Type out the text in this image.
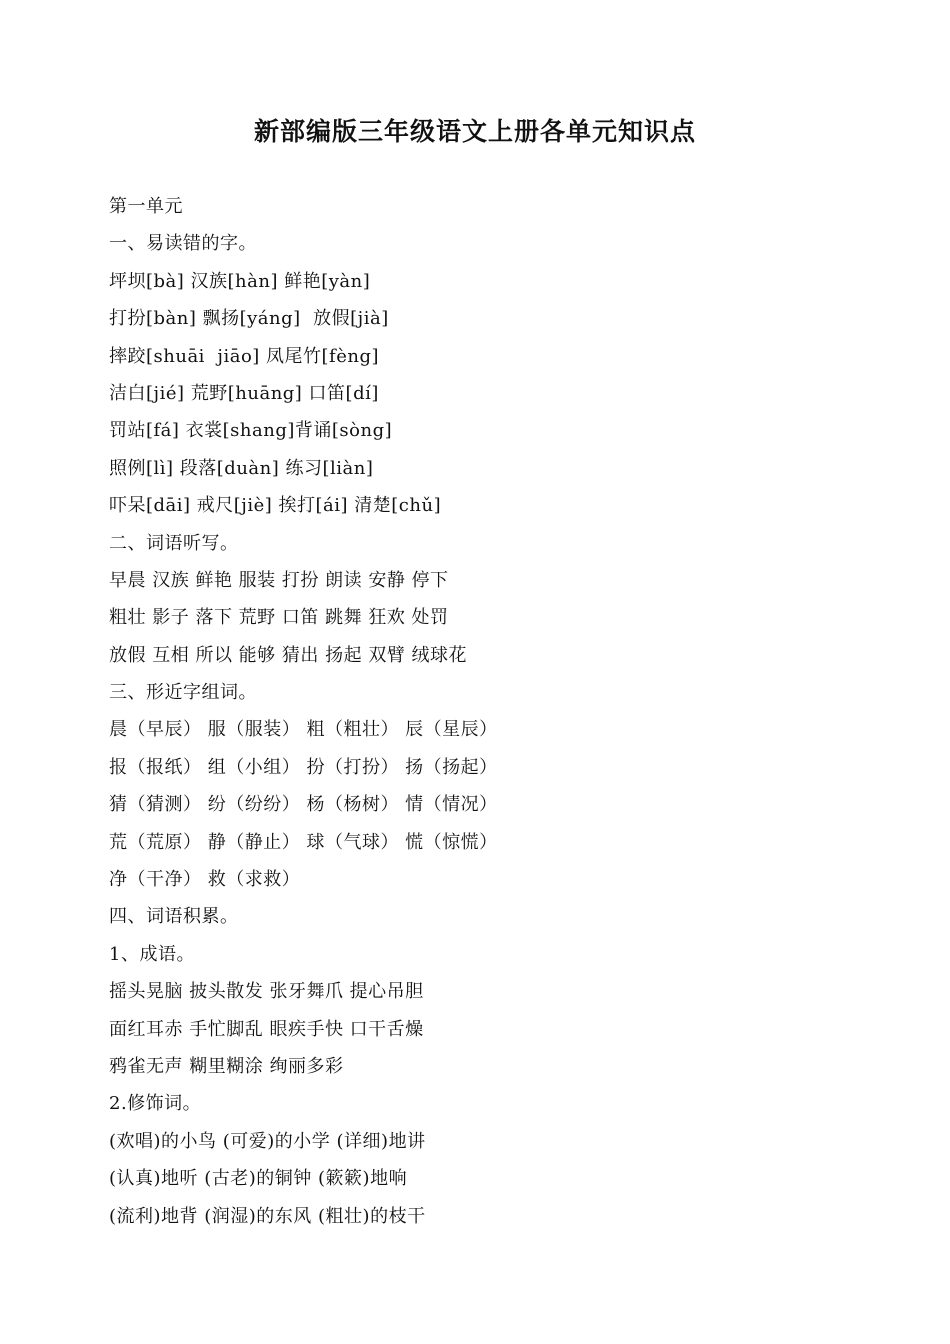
新部编版三年级语文上册各单元知识点
第一单元
一、易读错的字。
坪坝[bà] 汉族[hàn] 鲜艳[yàn]
打扮[bàn] 飘扬[yáng]  放假[jià]
摔跤[shuāi  jiāo] 凤尾竹[fèng]
洁白[jié] 荒野[huāng] 口笛[dí]
罚站[fá] 衣裳[shang]背诵[sòng]
照例[lì] 段落[duàn] 练习[liàn]
吓呆[dāi] 戒尺[jiè] 挨打[ái] 清楚[chǔ]
二、词语听写。
早晨 汉族 鲜艳 服装 打扮 朗读 安静 停下
粗壮 影子 落下 荒野 口笛 跳舞 狂欢 处罚
放假 互相 所以 能够 猜出 扬起 双臂 绒球花
三、形近字组词。
晨（早辰） 服（服装） 粗（粗壮） 辰（星辰）
报（报纸） 组（小组） 扮（打扮） 扬（扬起）
猜（猜测） 纷（纷纷） 杨（杨树） 情（情况）
荒（荒原） 静（静止） 球（气球） 慌（惊慌）
净（干净） 救（求救）
四、词语积累。
1、成语。
摇头晃脑 披头散发 张牙舞爪 提心吊胆
面红耳赤 手忙脚乱 眼疾手快 口干舌燥
鸦雀无声 糊里糊涂 绚丽多彩
2.修饰词。
(欢唱)的小鸟 (可爱)的小学 (详细)地讲
(认真)地听 (古老)的铜钟 (簌簌)地响
(流利)地背 (润湿)的东风 (粗壮)的枝干
